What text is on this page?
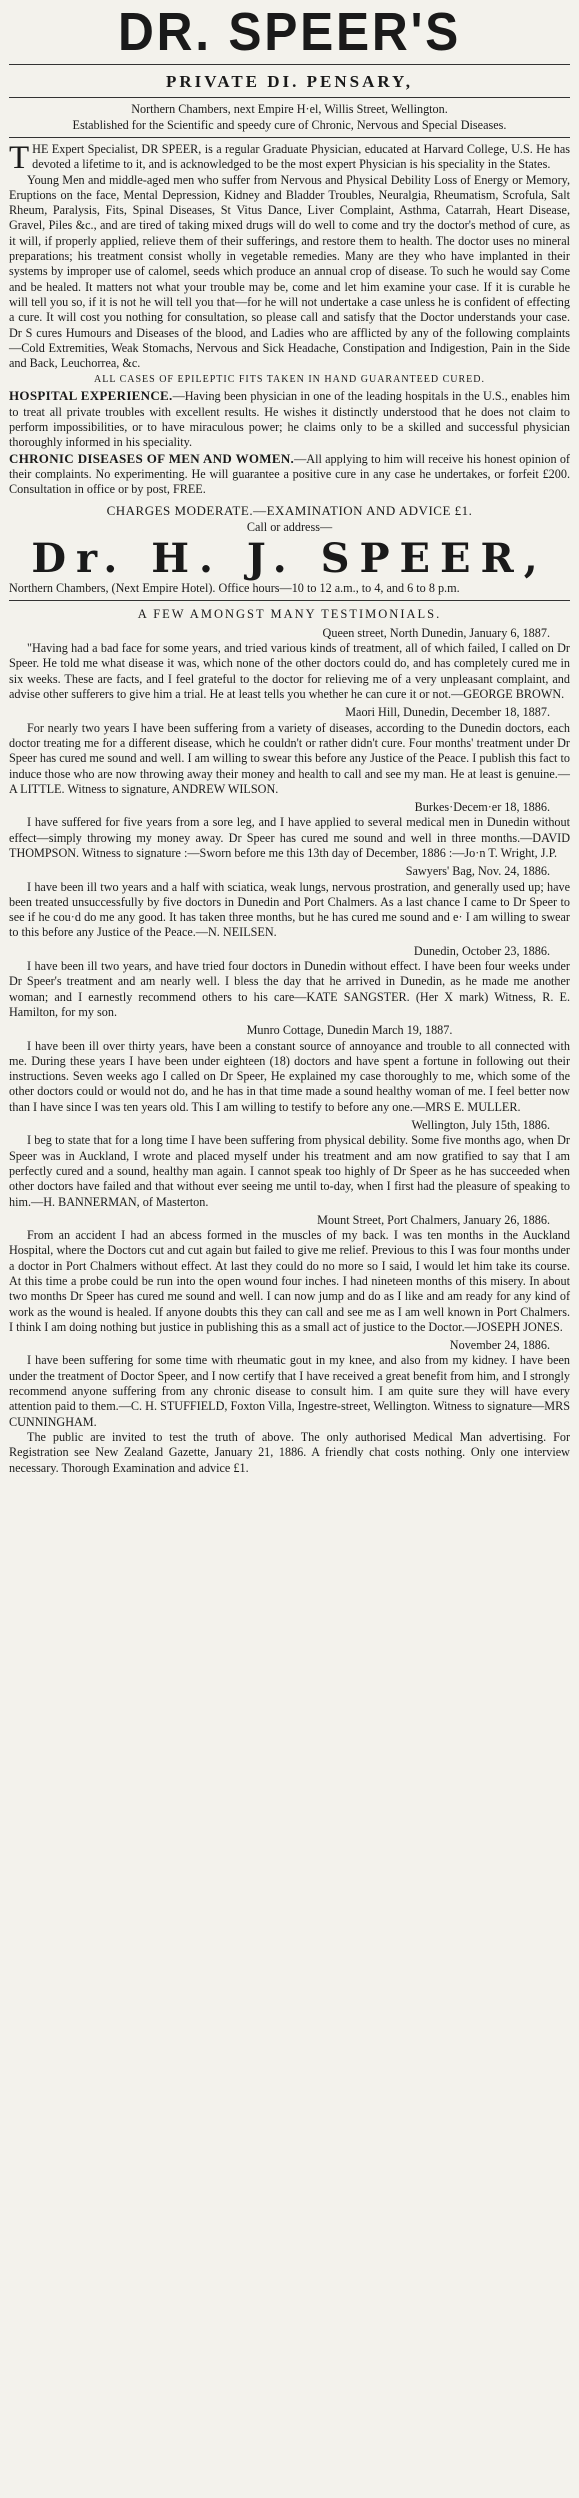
DR. SPEER'S
PRIVATE DI. PENSARY,
Northern Chambers, next Empire H·el, Willis Street, Wellington.
Established for the Scientific and speedy cure of Chronic, Nervous and Special Diseases.

THE Expert Specialist, DR SPEER, is a regular Graduate Physician, educated at Harvard College, U.S. He has devoted a lifetime to it, and is acknowledged to be the most expert Physician is his speciality in the States.

Young Men and middle-aged men who suffer from Nervous and Physical Debility Loss of Energy or Memory, Eruptions on the face, Mental Depression, Kidney and Bladder Troubles, Neuralgia, Rheumatism, Scrofula, Salt Rheum, Paralysis, Fits, Spinal Diseases, St Vitus Dance, Liver Complaint, Asthma, Catarrah, Heart Disease, Gravel, Piles &c., and are tired of taking mixed drugs will do well to come and try the doctor's method of cure, as it will, if properly applied, relieve them of their sufferings, and restore them to health. The doctor uses no mineral preparations; his treatment consist wholly in vegetable remedies. Many are they who have implanted in their systems by improper use of calomel, seeds which produce an annual crop of disease. To such he would say Come and be healed. It matters not what your trouble may be, come and let him examine your case. If it is curable he will tell you so, if it is not he will tell you that—for he will not undertake a case unless he is confident of effecting a cure. It will cost you nothing for consultation, so please call and satisfy that the Doctor understands your case. Dr S cures Humours and Diseases of the blood, and Ladies who are afflicted by any of the following complaints —Cold Extremities, Weak Stomachs, Nervous and Sick Headache, Constipation and Indigestion, Pain in the Side and Back, Leuchorrea, &c.

ALL CASES OF EPILEPTIC FITS TAKEN IN HAND GUARANTEED CURED.

HOSPITAL EXPERIENCE.—Having been physician in one of the leading hospitals in the U.S., enables him to treat all private troubles with excellent results. He wishes it distinctly understood that he does not claim to perform impossibilities, or to have miraculous power; he claims only to be a skilled and successful physician thoroughly informed in his speciality.

CHRONIC DISEASES OF MEN AND WOMEN.—All applying to him will receive his honest opinion of their complaints. No experimenting. He will guarantee a positive cure in any case he undertakes, or forfeit £200. Consultation in office or by post, FREE.

CHARGES MODERATE.—EXAMINATION AND ADVICE £1.
Call or address—
Dr. H. J. SPEER,

Northern Chambers, (Next Empire Hotel). Office hours—10 to 12 a.m., to 4, and 6 to 8 p.m.

A FEW AMONGST MANY TESTIMONIALS.
Queen street, North Dunedin, January 6, 1887.

"Having had a bad face for some years, and tried various kinds of treatment, all of which failed, I called on Dr Speer. He told me what disease it was, which none of the other doctors could do, and has completely cured me in six weeks. These are facts, and I feel grateful to the doctor for relieving me of a very unpleasant complaint, and advise other sufferers to give him a trial. He at least tells you whether he can cure it or not.—GEORGE BROWN.

Maori Hill, Dunedin, December 18, 1887.

For nearly two years I have been suffering from a variety of diseases, according to the Dunedin doctors, each doctor treating me for a different disease, which he couldn't or rather didn't cure. Four months' treatment under Dr Speer has cured me sound and well. I am willing to swear this before any Justice of the Peace. I publish this fact to induce those who are now throwing away their money and health to call and see my man. He at least is genuine.—A LITTLE. Witness to signature, ANDREW WILSON.

Burkes·Decem·er 18, 1886.

I have suffered for five years from a sore leg, and I have applied to several medical men in Dunedin without effect—simply throwing my money away. Dr Speer has cured me sound and well in three months.—DAVID THOMPSON. Witness to signature :—Sworn before me this 13th day of December, 1886 :—Jo·n T. Wright, J.P.

Sawyers' Bag, Nov. 24, 1886.

I have been ill two years and a half with sciatica, weak lungs, nervous prostration, and generally used up; have been treated unsuccessfully by five doctors in Dunedin and Port Chalmers. As a last chance I came to Dr Speer to see if he cou·d do me any good. It has taken three months, but he has cured me sound and e· I am willing to swear to this before any Justice of the Peace.—N. NEILSEN.

Dunedin, October 23, 1886.

I have been ill two years, and have tried four doctors in Dunedin without effect. I have been four weeks under Dr Speer's treatment and am nearly well. I bless the day that he arrived in Dunedin, as he made me another woman; and I earnestly recommend others to his care—KATE SANGSTER. (Her X mark) Witness, R. E. Hamilton, for my son.

Munro Cottage, Dunedin March 19, 1887.

I have been ill over thirty years, have been a constant source of annoyance and trouble to all connected with me. During these years I have been under eighteen (18) doctors and have spent a fortune in following out their instructions. Seven weeks ago I called on Dr Speer, He explained my case thoroughly to me, which some of the other doctors could or would not do, and he has in that time made a sound healthy woman of me. I feel better now than I have since I was ten years old. This I am willing to testify to before any one.—MRS E. MULLER.

Wellington, July 15th, 1886.

I beg to state that for a long time I have been suffering from physical debility. Some five months ago, when Dr Speer was in Auckland, I wrote and placed myself under his treatment and am now gratified to say that I am perfectly cured and a sound, healthy man again. I cannot speak too highly of Dr Speer as he has succeeded when other doctors have failed and that without ever seeing me until to-day, when I first had the pleasure of speaking to him.—H. BANNERMAN, of Masterton.

Mount Street, Port Chalmers, January 26, 1886.

From an accident I had an abcess formed in the muscles of my back. I was ten months in the Auckland Hospital, where the Doctors cut and cut again but failed to give me relief. Previous to this I was four months under a doctor in Port Chalmers without effect. At last they could do no more so I said, I would let him take its course. At this time a probe could be run into the open wound four inches. I had nineteen months of this misery. In about two months Dr Speer has cured me sound and well. I can now jump and do as I like and am ready for any kind of work as the wound is healed. If anyone doubts this they can call and see me as I am well known in Port Chalmers. I think I am doing nothing but justice in publishing this as a small act of justice to the Doctor.—JOSEPH JONES.

November 24, 1886.

I have been suffering for some time with rheumatic gout in my knee, and also from my kidney. I have been under the treatment of Doctor Speer, and I now certify that I have received a great benefit from him, and I strongly recommend anyone suffering from any chronic disease to consult him. I am quite sure they will have every attention paid to them.—C. H. STUFFIELD, Foxton Villa, Ingestre-street, Wellington. Witness to signature—MRS CUNNINGHAM.

The public are invited to test the truth of above. The only authorised Medical Man advertising. For Registration see New Zealand Gazette, January 21, 1886. A friendly chat costs nothing. Only one interview necessary. Thorough Examination and advice £1.
